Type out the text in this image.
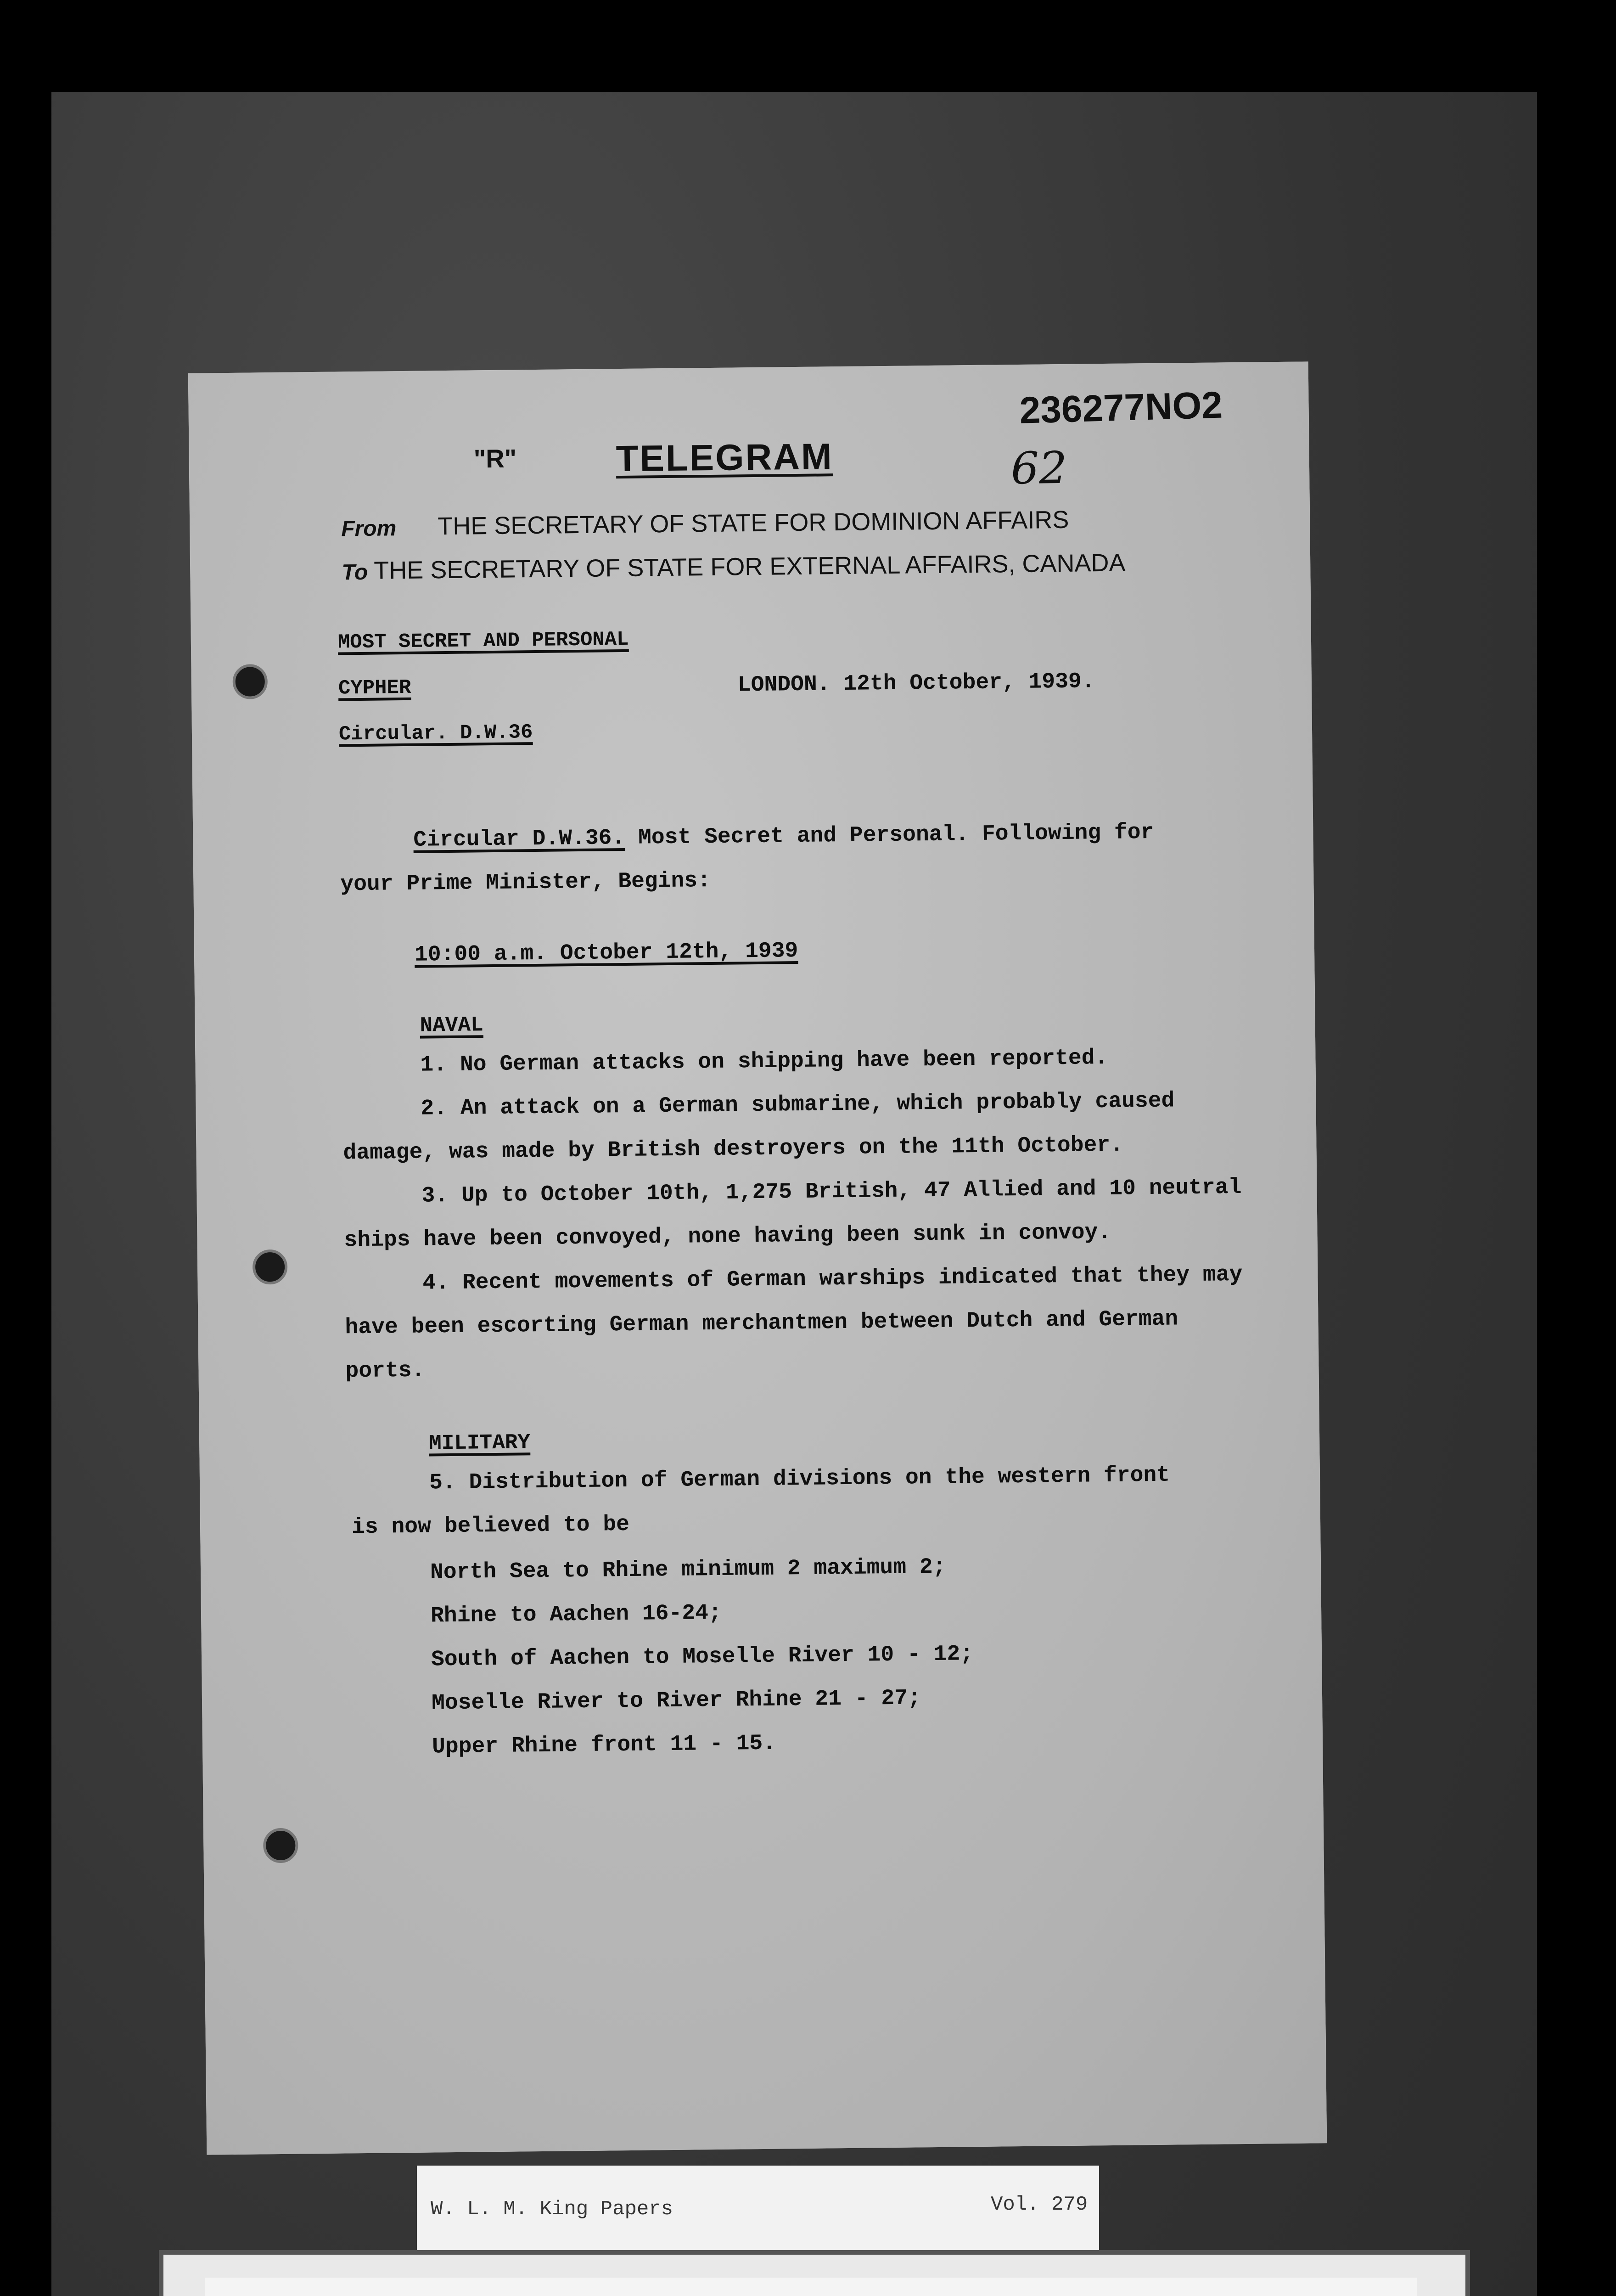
236277NO2
62
"R"	TELEGRAM
From THE SECRETARY OF STATE FOR DOMINION AFFAIRS
To THE SECRETARY OF STATE FOR EXTERNAL AFFAIRS, CANADA
MOST SECRET AND PERSONAL
CYPHER	LONDON. 12th October, 1939.
Circular. D.W.36
Circular D.W.36. Most Secret and Personal. Following for
your Prime Minister, Begins:
10:00 a.m. October 12th, 1939
NAVAL
1. No German attacks on shipping have been reported.
2. An attack on a German submarine, which probably caused
damage, was made by British destroyers on the 11th October.
3. Up to October 10th, 1,275 British, 47 Allied and 10 neutral
ships have been convoyed, none having been sunk in convoy.
4. Recent movements of German warships indicated that they may
have been escorting German merchantmen between Dutch and German
ports.
MILITARY
5. Distribution of German divisions on the western front
is now believed to be
North Sea to Rhine minimum 2 maximum 2;
Rhine to Aachen 16-24;
South of Aachen to Moselle River 10 - 12;
Moselle River to River Rhine 21 - 27;
Upper Rhine front 11 - 15.
W. L. M. King Papers	Vol. 279
